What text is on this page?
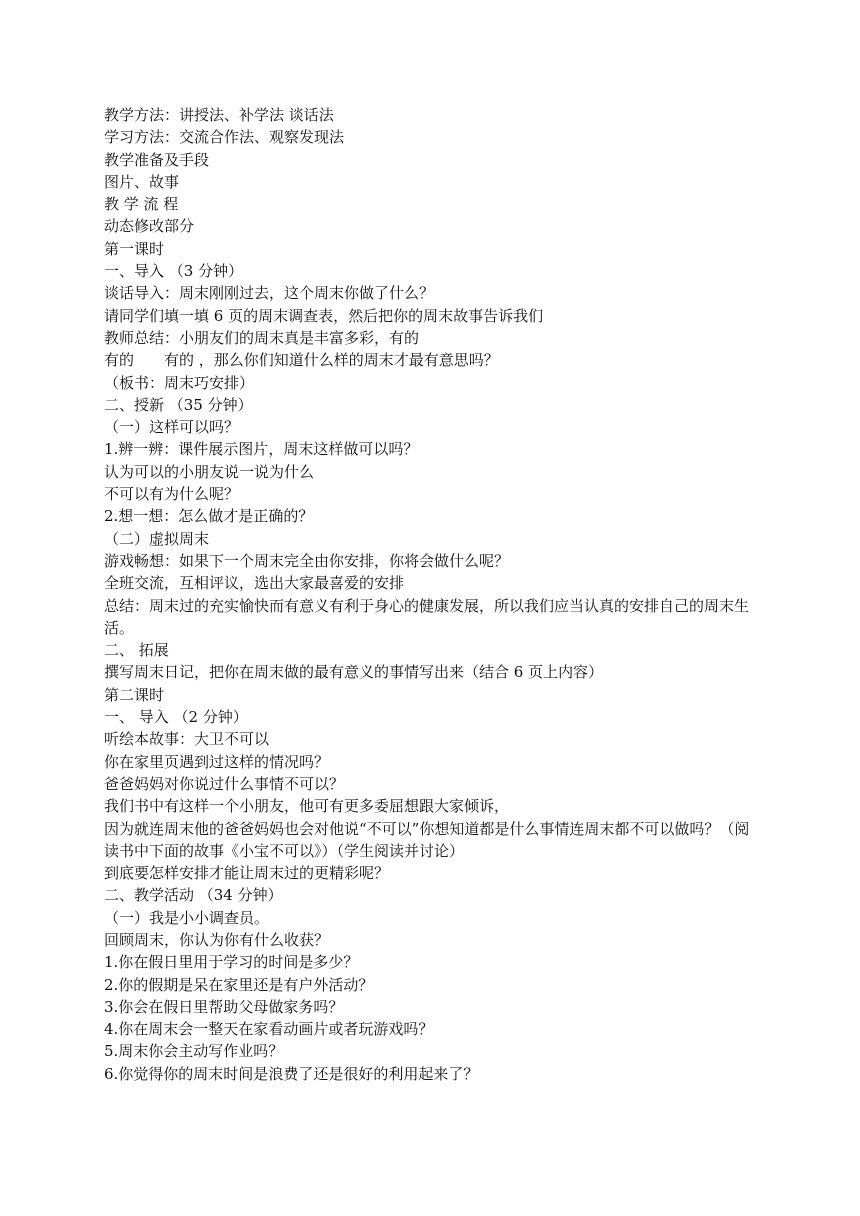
教学方法：讲授法、补学法 谈话法

学习方法：交流合作法、观察发现法

教学准备及手段

图片、故事

教 学 流 程

动态修改部分

第一课时

一、导入 （3 分钟）

谈话导入：周末刚刚过去，这个周末你做了什么？

请同学们填一填 6 页的周末调查表，然后把你的周末故事告诉我们

教师总结：小朋友们的周末真是丰富多彩，有的

有的　　有的 ，那么你们知道什么样的周末才最有意思吗？

（板书：周末巧安排）

二、授新 （35 分钟）

（一）这样可以吗？

1.辨一辨：课件展示图片，周末这样做可以吗？

认为可以的小朋友说一说为什么

不可以有为什么呢？

2.想一想：怎么做才是正确的？

（二）虚拟周末

游戏畅想：如果下一个周末完全由你安排，你将会做什么呢？

全班交流，互相评议，选出大家最喜爱的安排

总结：周末过的充实愉快而有意义有利于身心的健康发展，所以我们应当认真的安排自己的周末生活。

二、 拓展

撰写周末日记，把你在周末做的最有意义的事情写出来（结合 6 页上内容）

第二课时

一、 导入 （2 分钟）

听绘本故事：大卫不可以

你在家里页遇到过这样的情况吗？

爸爸妈妈对你说过什么事情不可以？

我们书中有这样一个小朋友，他可有更多委屈想跟大家倾诉，

因为就连周末他的爸爸妈妈也会对他说“不可以”你想知道都是什么事情连周末都不可以做吗？（阅读书中下面的故事《小宝不可以》）（学生阅读并讨论）

到底要怎样安排才能让周末过的更精彩呢？

二、教学活动 （34 分钟）

（一）我是小小调查员。

回顾周末，你认为你有什么收获？

1.你在假日里用于学习的时间是多少？

2.你的假期是呆在家里还是有户外活动？

3.你会在假日里帮助父母做家务吗？

4.你在周末会一整天在家看动画片或者玩游戏吗？

5.周末你会主动写作业吗？

6.你觉得你的周末时间是浪费了还是很好的利用起来了？
